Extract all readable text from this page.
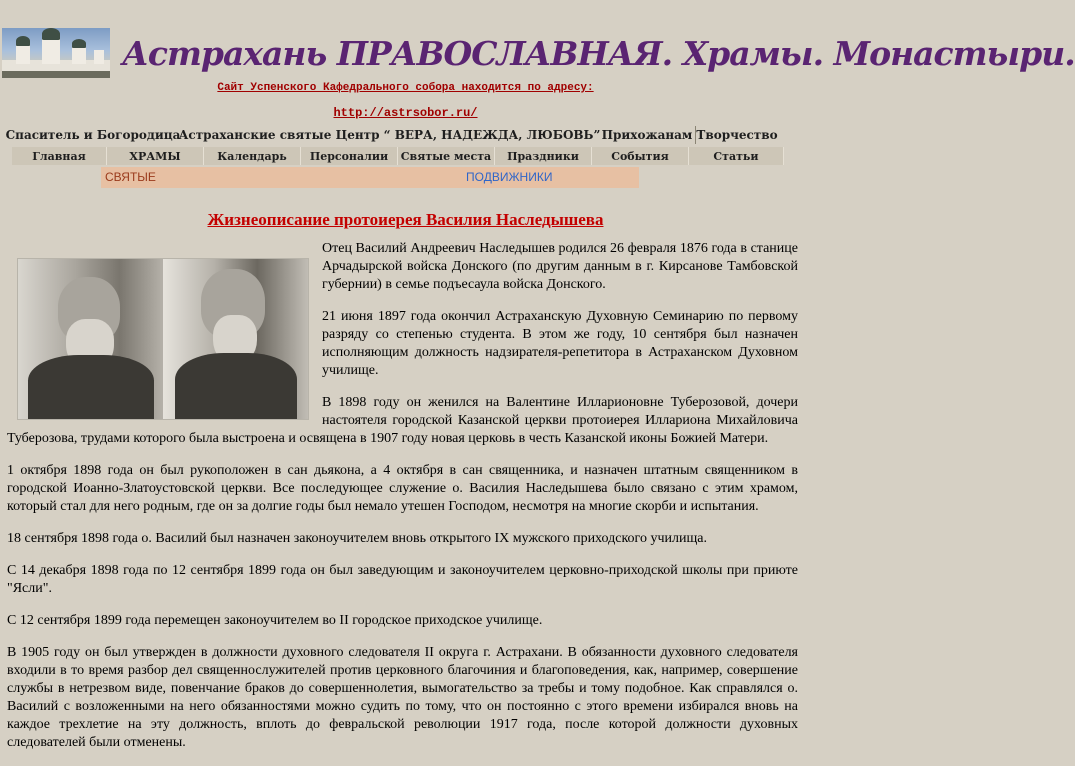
Астрахань ПРАВОСЛАВНАЯ. Храмы. Монастыри.
Сайт Успенского Кафедрального собора находится по адресу:
http://astrsobor.ru/
Спаситель и Богородица
Астраханские святые Центр “ ВЕРА, НАДЕЖДА, ЛЮБОВЬ” Прихожанам Творчество
Главная	ХРАМЫ	Календарь	Персоналии	Святые места	Праздники	События	Статьи
СВЯТЫЕ	ПОДВИЖНИКИ
Жизнеописание протоиерея Василия Наследышева

Отец Василий Андреевич Наследышев родился 26 февраля 1876 года в станице Арчадырской войска Донского (по другим данным в г. Кирсанове Тамбовской губернии) в семье подъесаула войска Донского.

21 июня 1897 года окончил Астраханскую Духовную Семинарию по первому разряду со степенью студента. В этом же году, 10 сентября был назначен исполняющим должность надзирателя-репетитора в Астраханском Духовном училище.

В 1898 году он женился на Валентине Илларионовне Туберозовой, дочери настоятеля городской Казанской церкви протоиерея Иллариона Михайловича Туберозова, трудами которого была выстроена и освящена в 1907 году новая церковь в честь Казанской иконы Божией Матери.

1 октября 1898 года он был рукоположен в сан дьякона, а 4 октября в сан священника, и назначен штатным священником в городской Иоанно-Златоустовской церкви. Все последующее служение о. Василия Наследышева было связано с этим храмом, который стал для него родным, где он за долгие годы был немало утешен Господом, несмотря на многие скорби и испытания.

18 сентября 1898 года о. Василий был назначен законоучителем вновь открытого IX мужского приходского училища.

С 14 декабря 1898 года по 12 сентября 1899 года он был заведующим и законоучителем церковно-приходской школы при приюте "Ясли".

С 12 сентября 1899 года перемещен законоучителем во II городское приходское училище.

В 1905 году он был утвержден в должности духовного следователя II округа г. Астрахани. В обязанности духовного следователя входили в то время разбор дел священнослужителей против церковного благочиния и благоповедения, как, например, совершение службы в нетрезвом виде, повенчание браков до совершеннолетия, вымогательство за требы и тому подобное. Как справлялся о. Василий с возложенными на него обязанностями можно судить по тому, что он постоянно с этого времени избирался вновь на каждое трехлетие на эту должность, вплоть до февральской революции 1917 года, после которой должности духовных следователей были отменены.
